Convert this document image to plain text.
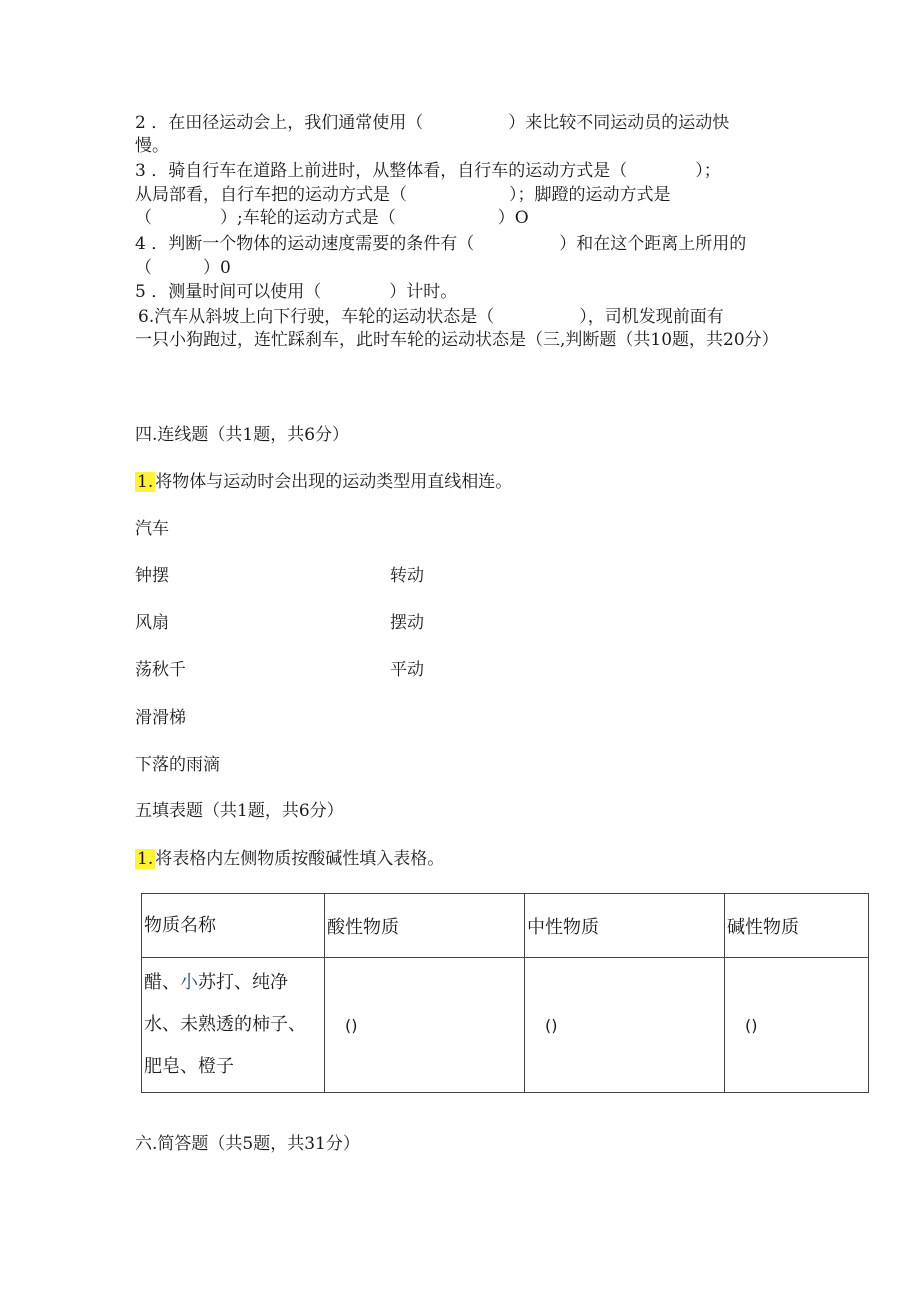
2 ．在田径运动会上，我们通常使用（　　　　　）来比较不同运动员的运动快
慢。
3 ．骑自行车在道路上前进时，从整体看，自行车的运动方式是（　　　　）；
从局部看，自行车把的运动方式是（　　　　　　）；脚蹬的运动方式是
（　　　　）;车轮的运动方式是（　　　　　　）O
4 ．判断一个物体的运动速度需要的条件有（　　　　　）和在这个距离上所用的
（　　　）0
5 ．测量时间可以使用（　　　　）计时。
6.汽车从斜坡上向下行驶，车轮的运动状态是（　　　　　），司机发现前面有
一只小狗跑过，连忙踩刹车，此时车轮的运动状态是（三,判断题（共10题，共20分）
四.连线题（共1题，共6分）
1. 将物体与运动时会出现的运动类型用直线相连。
汽车
钟摆
风扇
荡秋千
滑滑梯
下落的雨滴
转动
摆动
平动
五填表题（共1题，共6分）
1. 将表格内左侧物质按酸碱性填入表格。
物质名称	酸性物质	中性物质	碱性物质
醋、小苏打、纯净水、未熟透的柿子、肥皂、橙子	()	()	()
六.简答题（共5题，共31分）
